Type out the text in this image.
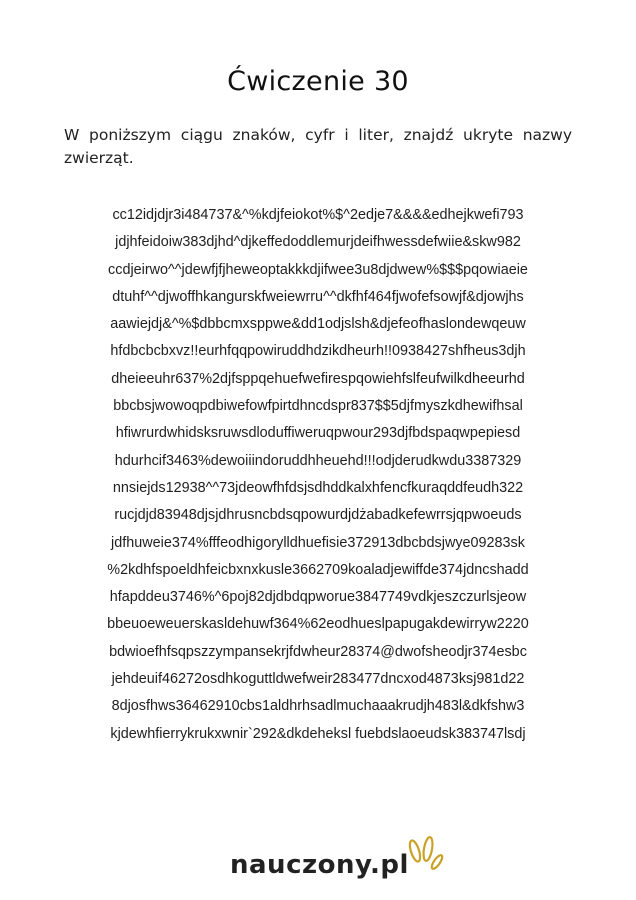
Ćwiczenie 30

W poniższym ciągu znaków, cyfr i liter, znajdź ukryte nazwy zwierząt.

cc12idjdjr3i484737&^%kdjfeiokot%$^2edje7&&&&edhejkwefi793
jdjhfeidoiw383djhd^djkeffedoddlemurjdeifhwessdefwiie&skw982
ccdjeirwo^^jdewfjfjheweoptakkkdjifwee3u8djdwew%$$$pqowiaeie
dtuhf^^djwoffhkangurskfweiewrru^^dkfhf464fjwofefsowjf&djowjhs
aawiejdj&^%$dbbcmxsppwe&dd1odjslsh&djefeofhaslondewqeuw
hfdbcbcbxvz!!eurhfqqpowiruddhdzikdheurh!!0938427shfheus3djh
dheieeuhr637%2djfsppqehuefwefirespqowiehfslfeufwilkdheeurhd
bbcbsjwowoqpdbiwefowfpirtdhncdspr837$$5djfmyszkdhewifhsal
hfiwrurdwhidsksruwsdloduffiweruqpwour293djfbdspaqwpepiesd
hdurhcif3463%dewoiiindoruddhheuehd!!!odjderudkwdu3387329
nnsiejds12938^^73jdeowfhfdsjsdhddkalxhfencfkuraqddfeudh322
rucjdjd83948djsjdhrusncbdsqpowurdjdżabadkefewrrsjqpwoeuds
jdfhuweie374%fffeodhigorylldhuefisie372913dbcbdsjwye09283sk
%2kdhfspoeldhfeicbxnxkusle3662709koaladjewiffde374jdncshadd
hfapddeu3746%^6poj82djdbdqpworue3847749vdkjeszczurlsjeow
bbeuoeweuerskasldehuwf364%62eodhueslpapugakdewirryw2220
bdwioefhfsqpszzympansekrjfdwheur28374@dwofsheodjr374esbc
jehdeuif46272osdhkoguttldwefweir283477dncxod4873ksj981d22
8djosfhws36462910cbs1aldhrhsadlmuchaaakrudjh483l&dkfshw3
kjdewhfierrykrukxwnir`292&dkdeheksl fuebdslaoeudsk383747lsdj
nauczony.pl
